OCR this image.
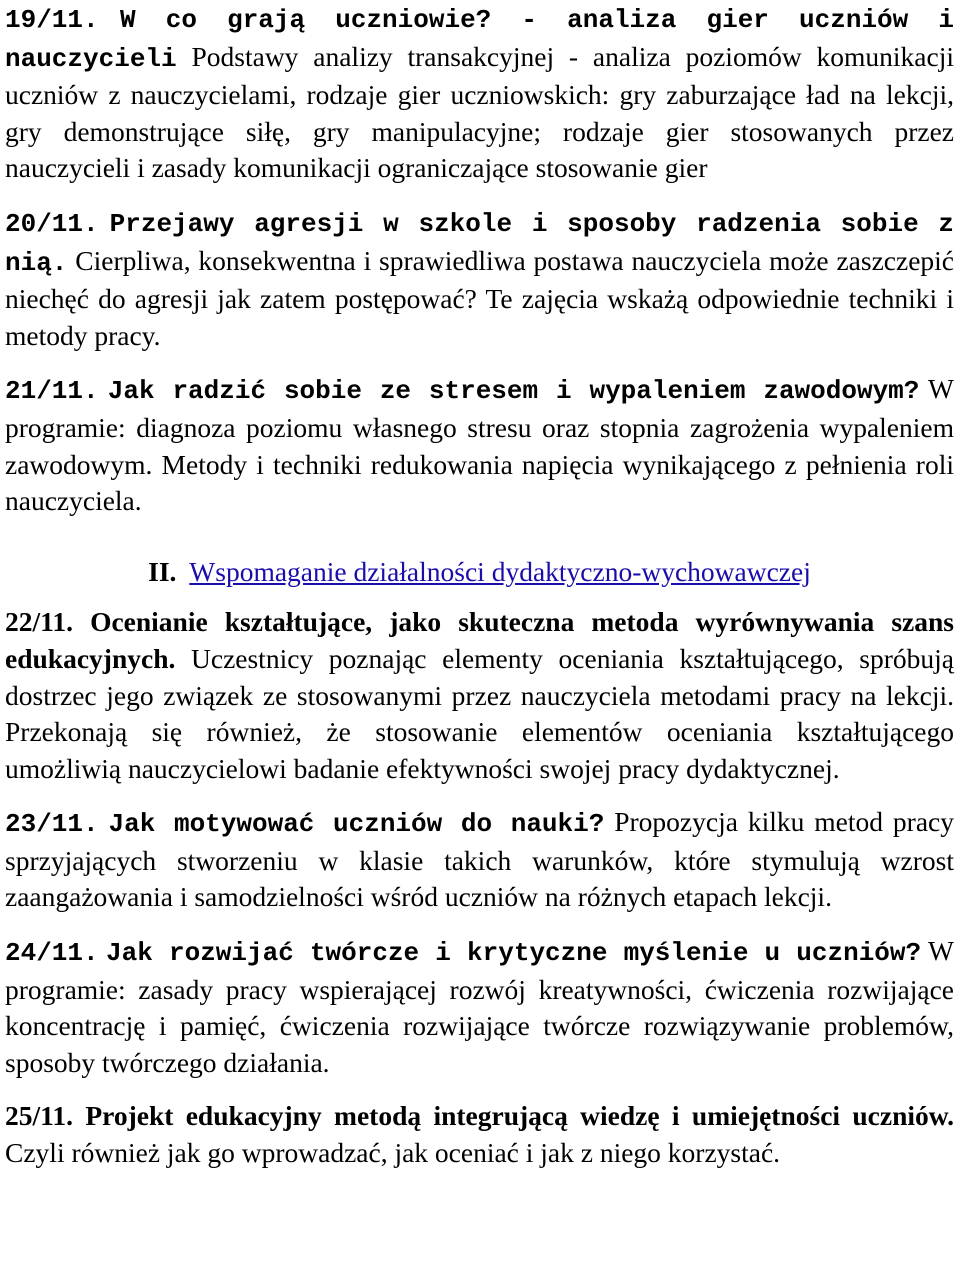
19/11. W co grają uczniowie? - analiza gier uczniów i nauczycieli Podstawy analizy transakcyjnej - analiza poziomów komunikacji uczniów z nauczycielami, rodzaje gier uczniowskich: gry zaburzające ład na lekcji, gry demonstrujące siłę, gry manipulacyjne; rodzaje gier stosowanych przez nauczycieli i zasady komunikacji ograniczające stosowanie gier

20/11. Przejawy agresji w szkole i sposoby radzenia sobie z nią. Cierpliwa, konsekwentna i sprawiedliwa postawa nauczyciela może zaszczepić niechęć do agresji jak zatem postępować? Te zajęcia wskażą odpowiednie techniki i metody pracy.

21/11. Jak radzić sobie ze stresem i wypaleniem zawodowym? W programie: diagnoza poziomu własnego stresu oraz stopnia zagrożenia wypaleniem zawodowym. Metody i techniki redukowania napięcia wynikającego z pełnienia roli nauczyciela.

II. Wspomaganie działalności dydaktyczno-wychowawczej

22/11. Ocenianie kształtujące, jako skuteczna metoda wyrównywania szans edukacyjnych. Uczestnicy poznając elementy oceniania kształtującego, spróbują dostrzec jego związek ze stosowanymi przez nauczyciela metodami pracy na lekcji. Przekonają się również, że stosowanie elementów oceniania kształtującego umożliwią nauczycielowi badanie efektywności swojej pracy dydaktycznej.

23/11. Jak motywować uczniów do nauki? Propozycja kilku metod pracy sprzyjających stworzeniu w klasie takich warunków, które stymulują wzrost zaangażowania i samodzielności wśród uczniów na różnych etapach lekcji.

24/11. Jak rozwijać twórcze i krytyczne myślenie u uczniów? W programie: zasady pracy wspierającej rozwój kreatywności, ćwiczenia rozwijające koncentrację i pamięć, ćwiczenia rozwijające twórcze rozwiązywanie problemów, sposoby twórczego działania.

25/11. Projekt edukacyjny metodą integrującą wiedzę i umiejętności uczniów. Czyli również jak go wprowadzać, jak oceniać i jak z niego korzystać.
